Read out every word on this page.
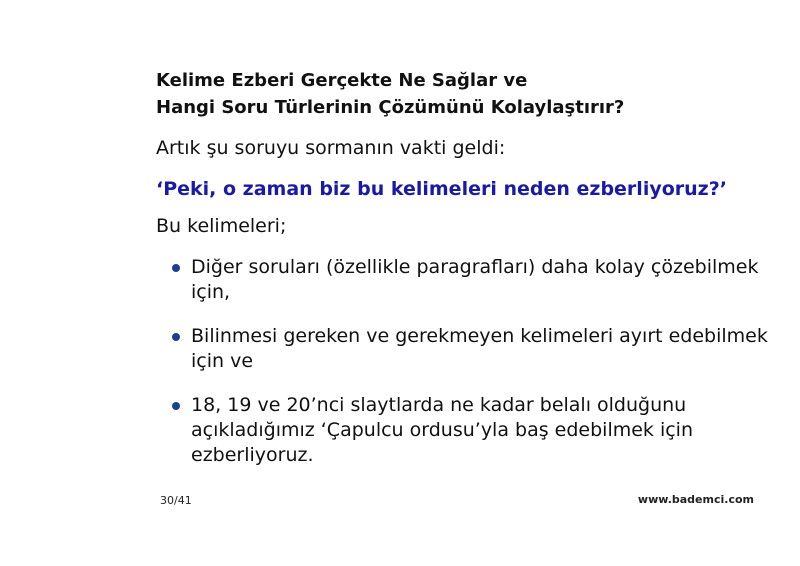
Kelime Ezberi Gerçekte Ne Sağlar ve
Hangi Soru Türlerinin Çözümünü Kolaylaştırır?
Artık şu soruyu sormanın vakti geldi:
‘Peki, o zaman biz bu kelimeleri neden ezberliyoruz?’
Bu kelimeleri;
Diğer soruları (özellikle paragrafları) daha kolay çözebilmek
için,
Bilinmesi gereken ve gerekmeyen kelimeleri ayırt edebilmek
için ve
18, 19 ve 20’nci slaytlarda ne kadar belalı olduğunu
açıkladığımız ‘Çapulcu ordusu’yla baş edebilmek için
ezberliyoruz.
30/41	www.bademci.com
